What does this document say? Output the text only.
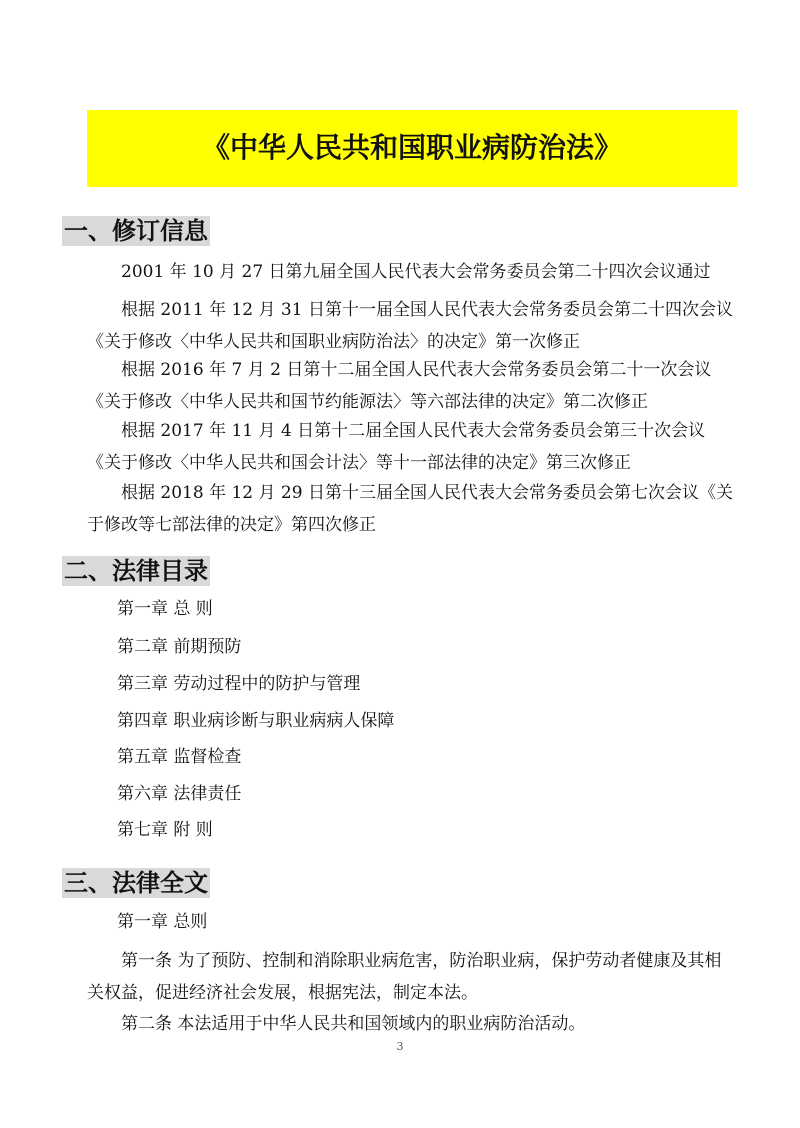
《中华人民共和国职业病防治法》
一、修订信息
2001 年 10 月 27 日第九届全国人民代表大会常务委员会第二十四次会议通过
根据 2011 年 12 月 31 日第十一届全国人民代表大会常务委员会第二十四次会议《关于修改〈中华人民共和国职业病防治法〉的决定》第一次修正
根据 2016 年 7 月 2 日第十二届全国人民代表大会常务委员会第二十一次会议《关于修改〈中华人民共和国节约能源法〉等六部法律的决定》第二次修正
根据 2017 年 11 月 4 日第十二届全国人民代表大会常务委员会第三十次会议《关于修改〈中华人民共和国会计法〉等十一部法律的决定》第三次修正
根据 2018 年 12 月 29 日第十三届全国人民代表大会常务委员会第七次会议《关于修改等七部法律的决定》第四次修正
二、法律目录
第一章 总 则
第二章 前期预防
第三章 劳动过程中的防护与管理
第四章 职业病诊断与职业病病人保障
第五章 监督检查
第六章 法律责任
第七章 附 则
三、法律全文
第一章 总则
第一条 为了预防、控制和消除职业病危害，防治职业病，保护劳动者健康及其相关权益，促进经济社会发展，根据宪法，制定本法。
第二条 本法适用于中华人民共和国领域内的职业病防治活动。
3
